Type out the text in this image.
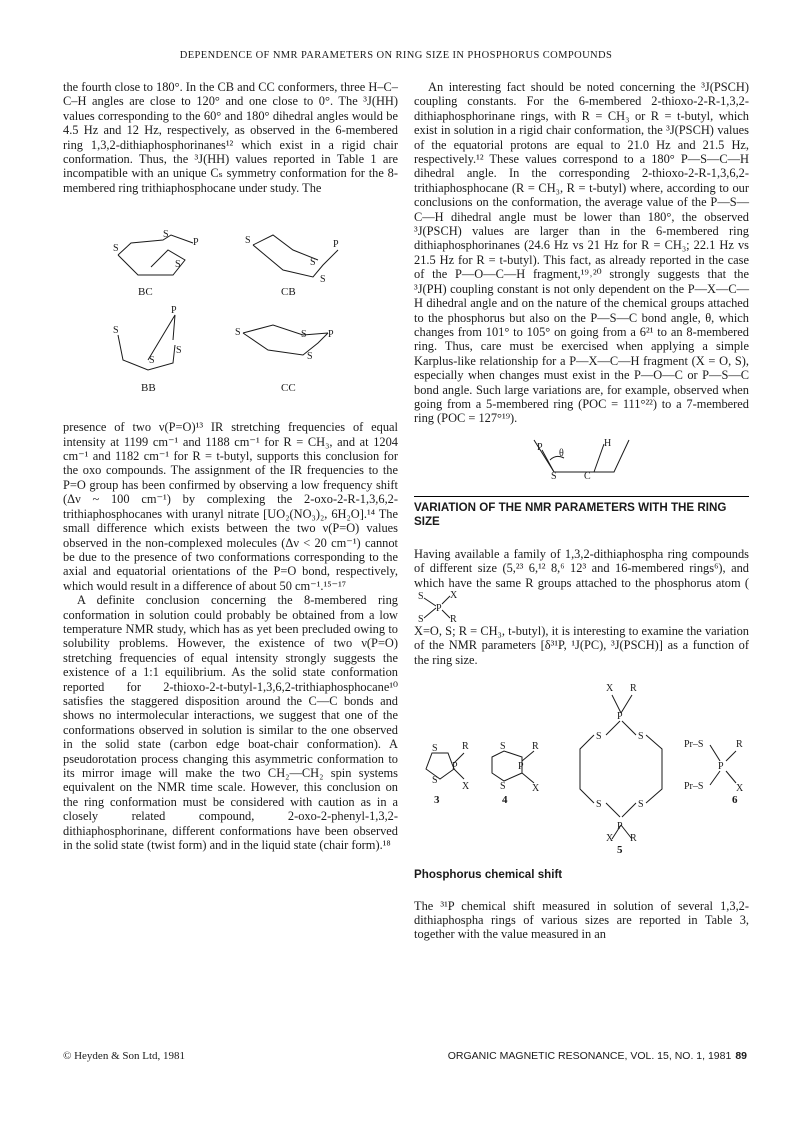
DEPENDENCE OF NMR PARAMETERS ON RING SIZE IN PHOSPHORUS COMPOUNDS

the fourth close to 180°. In the CB and CC conformers, three H–C–C–H angles are close to 120° and one close to 0°. The ³J(HH) values corresponding to the 60° and 180° dihedral angles would be 4.5 Hz and 12 Hz, respectively, as observed in the 6-membered ring 1,3,2-dithiaphosphorinanes¹² which exist in a rigid chair conformation. Thus, the ³J(HH) values reported in Table 1 are incompatible with an unique Cₛ symmetry conformation for the 8-membered ring trithiaphosphocane under study. The

S
S
P
S
S
S
P
S
S
P
S
S
S	S P
S
BC	CB
BB	CC

presence of two ν(P=O)¹³ IR stretching frequencies of equal intensity at 1199 cm⁻¹ and 1188 cm⁻¹ for R = CH₃, and at 1204 cm⁻¹ and 1182 cm⁻¹ for R = t-butyl, supports this conclusion for the oxo compounds. The assignment of the IR frequencies to the P=O group has been confirmed by observing a low frequency shift (Δν ~ 100 cm⁻¹) by complexing the 2-oxo-2-R-1,3,6,2-trithiaphosphocanes with uranyl nitrate [UO₂(NO₃)₂, 6H₂O].¹⁴ The small difference which exists between the two ν(P=O) values observed in the non-complexed molecules (Δν < 20 cm⁻¹) cannot be due to the presence of two conformations corresponding to the axial and equatorial orientations of the P=O bond, respectively, which would result in a difference of about 50 cm⁻¹.¹⁵⁻¹⁷

A definite conclusion concerning the 8-membered ring conformation in solution could probably be obtained from a low temperature NMR study, which has as yet been precluded owing to solubility problems. However, the existence of two ν(P=O) stretching frequencies of equal intensity strongly suggests the existence of a 1:1 equilibrium. As the solid state conformation reported for 2-thioxo-2-t-butyl-1,3,6,2-trithiaphosphocane¹⁰ satisfies the staggered disposition around the C—C bonds and shows no intermolecular interactions, we suggest that one of the conformations observed in solution is similar to the one observed in the solid state (carbon edge boat-chair conformation). A pseudorotation process changing this asymmetric conformation to its mirror image will make the two CH₂—CH₂ spin systems equivalent on the NMR time scale. However, this conclusion on the ring conformation must be considered with caution as in a closely related compound, 2-oxo-2-phenyl-1,3,2-dithiaphosphorinane, different conformations have been observed in the solid state (twist form) and in the liquid state (chair form).¹⁸

An interesting fact should be noted concerning the ³J(PSCH) coupling constants. For the 6-membered 2-thioxo-2-R-1,3,2-dithiaphosphorinane rings, with R = CH₃ or R = t-butyl, which exist in solution in a rigid chair conformation, the ³J(PSCH) values of the equatorial protons are equal to 21.0 Hz and 21.5 Hz, respectively.¹² These values correspond to a 180° P—S—C—H dihedral angle. In the corresponding 2-thioxo-2-R-1,3,6,2-trithiaphosphocane (R = CH₃, R = t-butyl) where, according to our conclusions on the conformation, the average value of the P—S—C—H dihedral angle must be lower than 180°, the observed ³J(PSCH) values are larger than in the 6-membered ring dithiaphosphorinanes (24.6 Hz vs 21 Hz for R = CH₃; 22.1 Hz vs 21.5 Hz for R = t-butyl). This fact, as already reported in the case of the P—O—C—H fragment,¹⁹˒²⁰ strongly suggests that the ³J(PH) coupling constant is not only dependent on the P—X—C—H dihedral angle and on the nature of the chemical groups attached to the phosphorus but also on the P—S—C bond angle, θ, which changes from 101° to 105° on going from a 6²¹ to an 8-membered ring. Thus, care must be exercised when applying a simple Karplus-like relationship for a P—X—C—H fragment (X = O, S), especially when changes must exist in the P—O—C or P—S—C bond angle. Such large variations are, for example, observed when going from a 5-membered ring (POC = 111°²²) to a 7-membered ring (POC = 127°¹⁹).

P
θ
H
S	C
VARIATION OF THE NMR PARAMETERS WITH THE RING SIZE

Having available a family of 1,3,2-dithiaphospha ring compounds of different size (5,²³ 6,¹² 8,⁶ 12³ and 16-membered rings⁶), and which have the same R groups attached to the phosphorus atom (
S
S
P
X
R

X=O, S; R = CH₃, t-butyl), it is interesting to examine the variation of the NMR parameters [δ³¹P, ¹J(PC), ³J(PSCH)] as a function of the ring size.

S
S
P
R
X
S
S
P
R
X
S	S
S	S
P
P
X R
X R
Pr–S
Pr–S
P
R
X
3	4
5
6
Phosphorus chemical shift

The ³¹P chemical shift measured in solution of several 1,3,2-dithiaphospha rings of various sizes are reported in Table 3, together with the value measured in an

© Heyden & Son Ltd, 1981	ORGANIC MAGNETIC RESONANCE, VOL. 15, NO. 1, 1981 89
